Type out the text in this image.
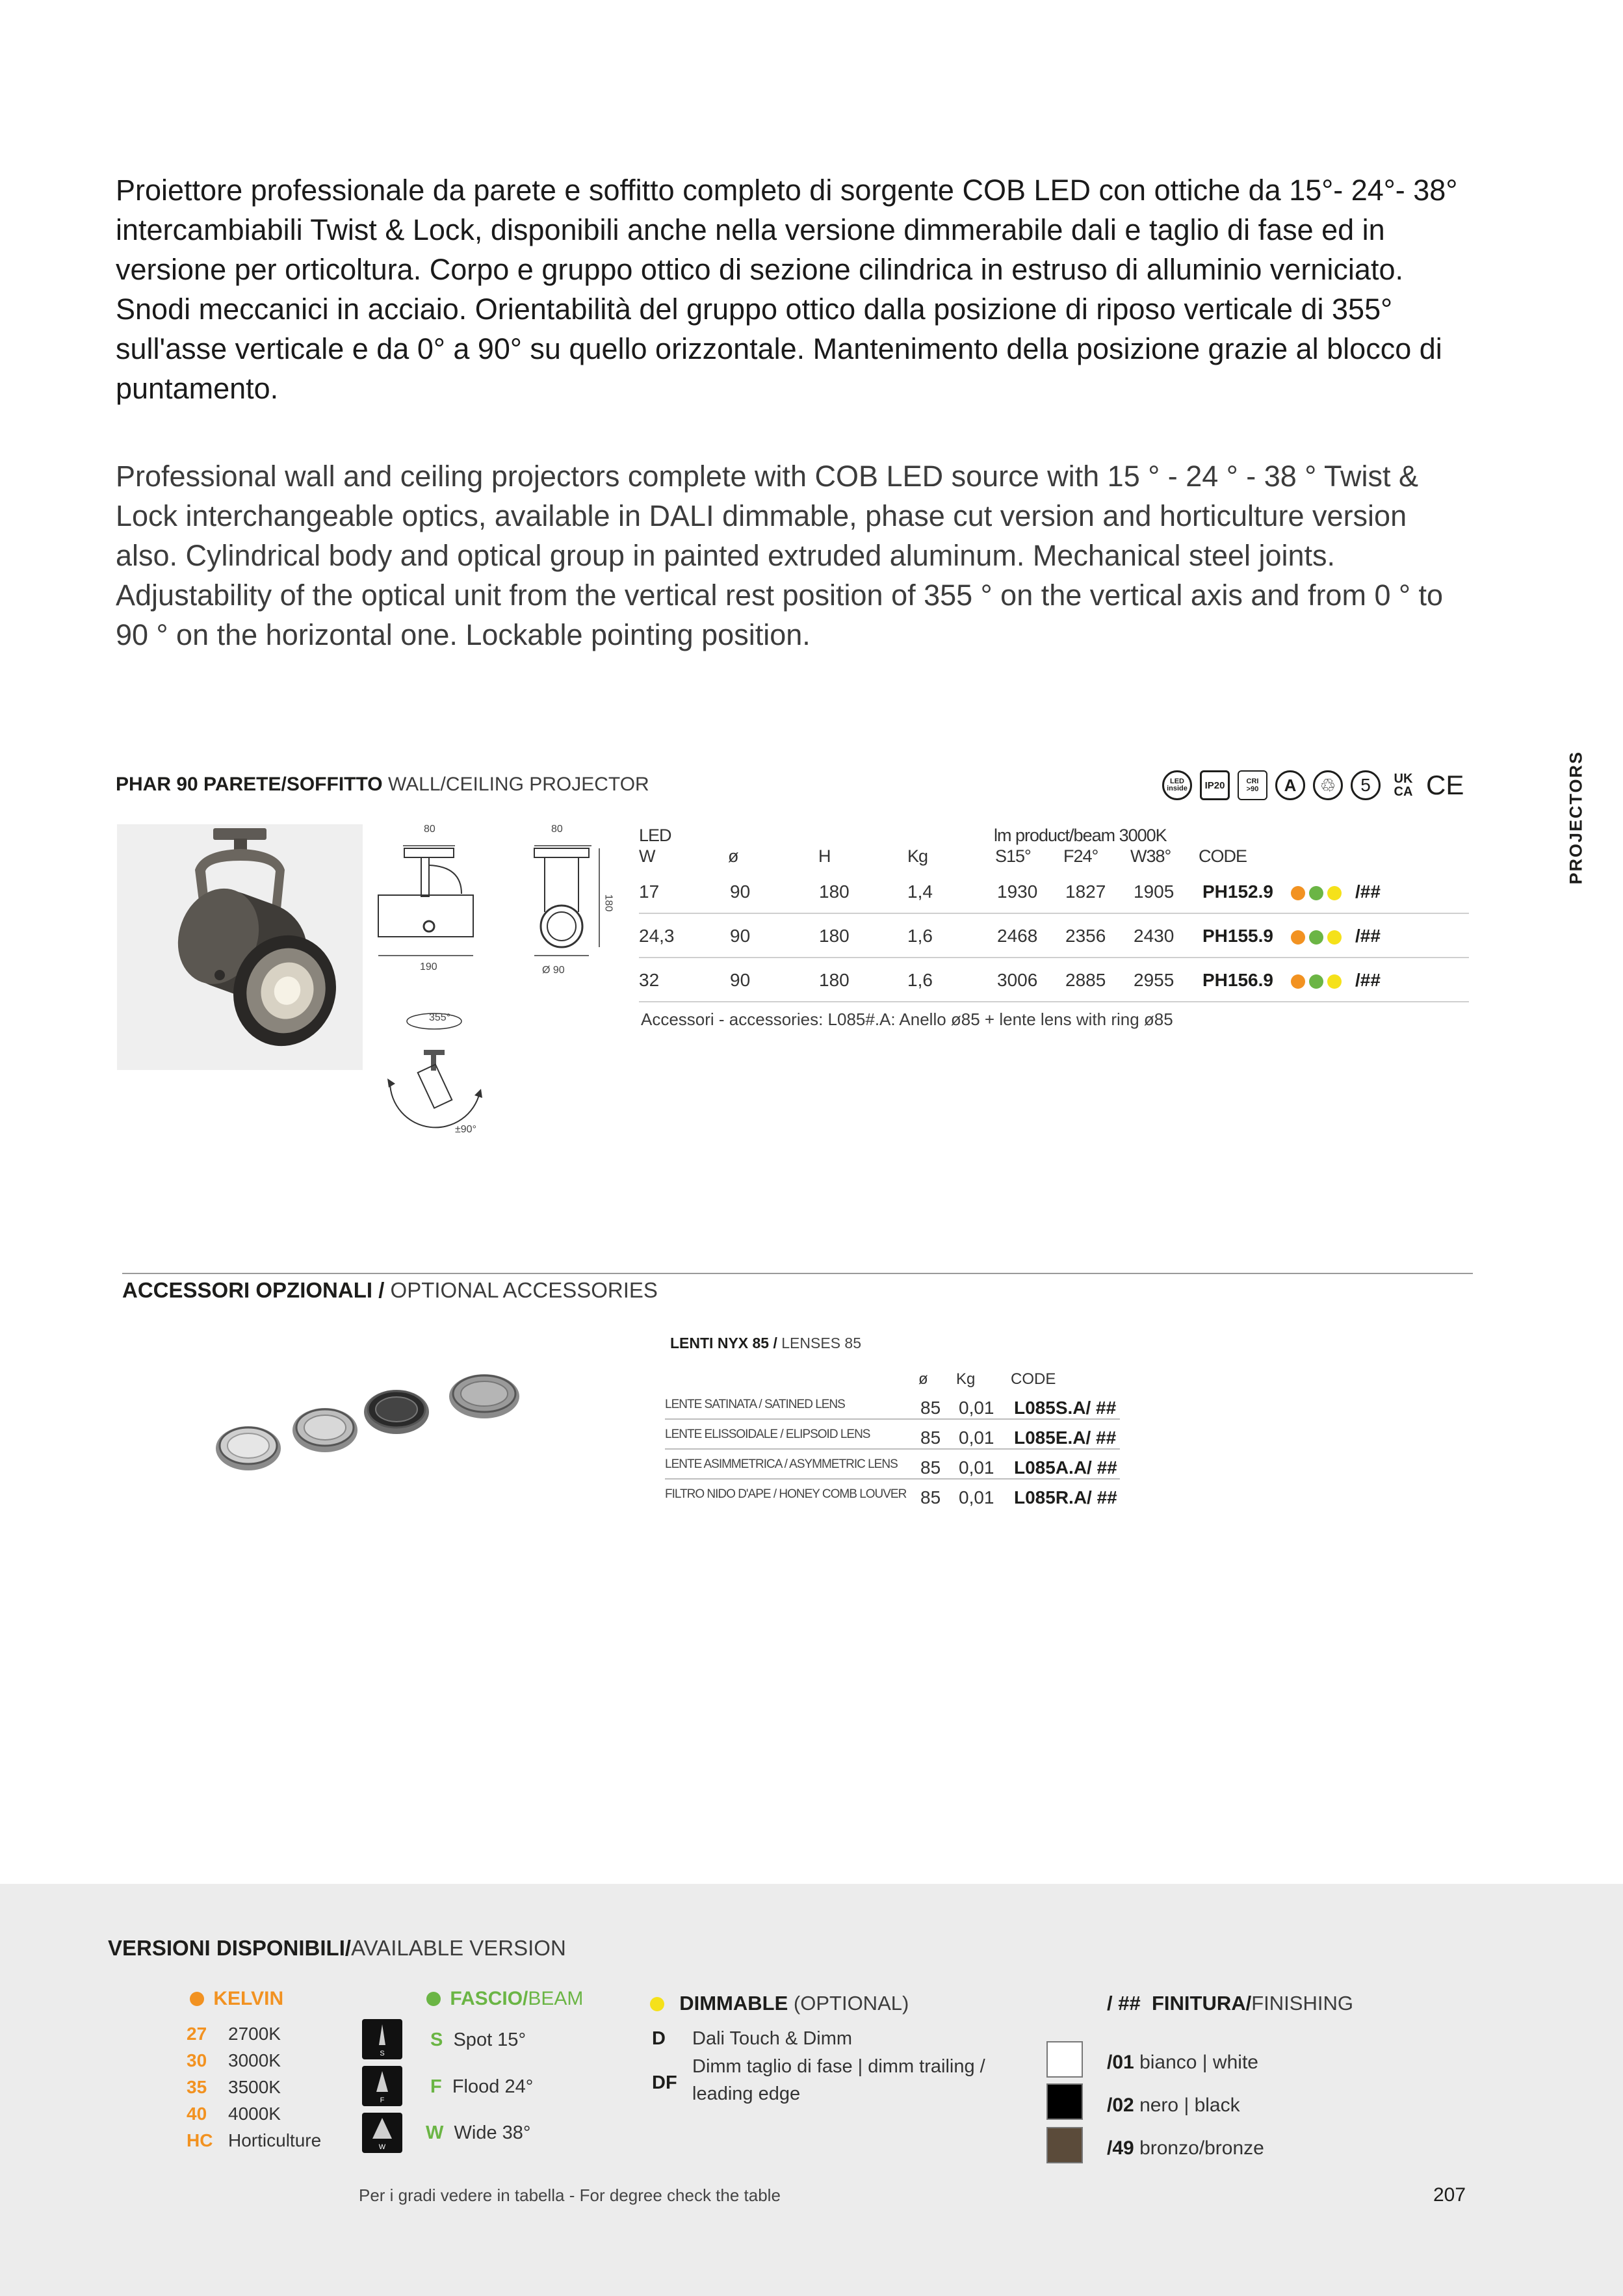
Proiettore professionale da parete e soffitto completo di sorgente COB LED con ottiche da 15°- 24°- 38° intercambiabili Twist & Lock, disponibili anche nella versione dimmerabile dali e taglio di fase ed in versione per orticoltura. Corpo e gruppo ottico di sezione cilindrica in estruso di alluminio verniciato. Snodi meccanici in acciaio. Orientabilità del gruppo ottico dalla posizione di riposo verticale di 355° sull'asse verticale e da 0° a 90° su quello orizzontale. Mantenimento della posizione grazie al blocco di puntamento.
Professional wall and ceiling projectors complete with COB LED source with 15 ° - 24 ° - 38 ° Twist & Lock interchangeable optics, available in DALI dimmable, phase cut version and horticulture version also. Cylindrical body and optical group in painted extruded aluminum. Mechanical steel joints. Adjustability of the optical unit from the vertical rest position of 355 ° on the vertical axis and from 0 ° to 90 ° on the horizontal one. Lockable pointing position.
PROJECTORS
PHAR 90 PARETE/SOFFITTO WALL/CEILING PROJECTOR	LED
inside	IP20	CRI
>90	A	♲	5	UK
CA CE
80	80
180
190	Ø 90
355°
±90°
LED	lm product/beam 3000K
W	ø	H	Kg	S15° F24° W38° CODE
17	90	180	1,4	1930 1827 1905 PH152.9	/##
24,3	90	180	1,6	2468 2356 2430 PH155.9	/##
32	90	180	1,6	3006 2885 2955 PH156.9	/##
Accessori - accessories: L085#.A: Anello ø85 + lente lens with ring ø85
ACCESSORI OPZIONALI / OPTIONAL ACCESSORIES
LENTI NYX 85 / LENSES 85
ø Kg CODE
LENTE SATINATA / SATINED LENS	85 0,01 L085S.A/ ##
LENTE ELISSOIDALE / ELIPSOID LENS	85 0,01 L085E.A/ ##
LENTE ASIMMETRICA / ASYMMETRIC LENS	85 0,01 L085A.A/ ##
FILTRO NIDO D'APE / HONEY COMB LOUVER 85 0,01 L085R.A/ ##
VERSIONI DISPONIBILI/AVAILABLE VERSION
KELVIN
27 2700K
30 3000K
35 3500K
40 4000K
HC Horticulture
FASCIO/BEAM
S
F
W
S Spot 15°
F Flood 24°
W Wide 38°
DIMMABLE (OPTIONAL)
D Dali Touch & Dimm
DF
Dimm taglio di fase | dimm trailing /
leading edge
/ ## FINITURA/FINISHING
/01 bianco | white
/02 nero | black
/49 bronzo/bronze
Per i gradi vedere in tabella - For degree check the table	207
